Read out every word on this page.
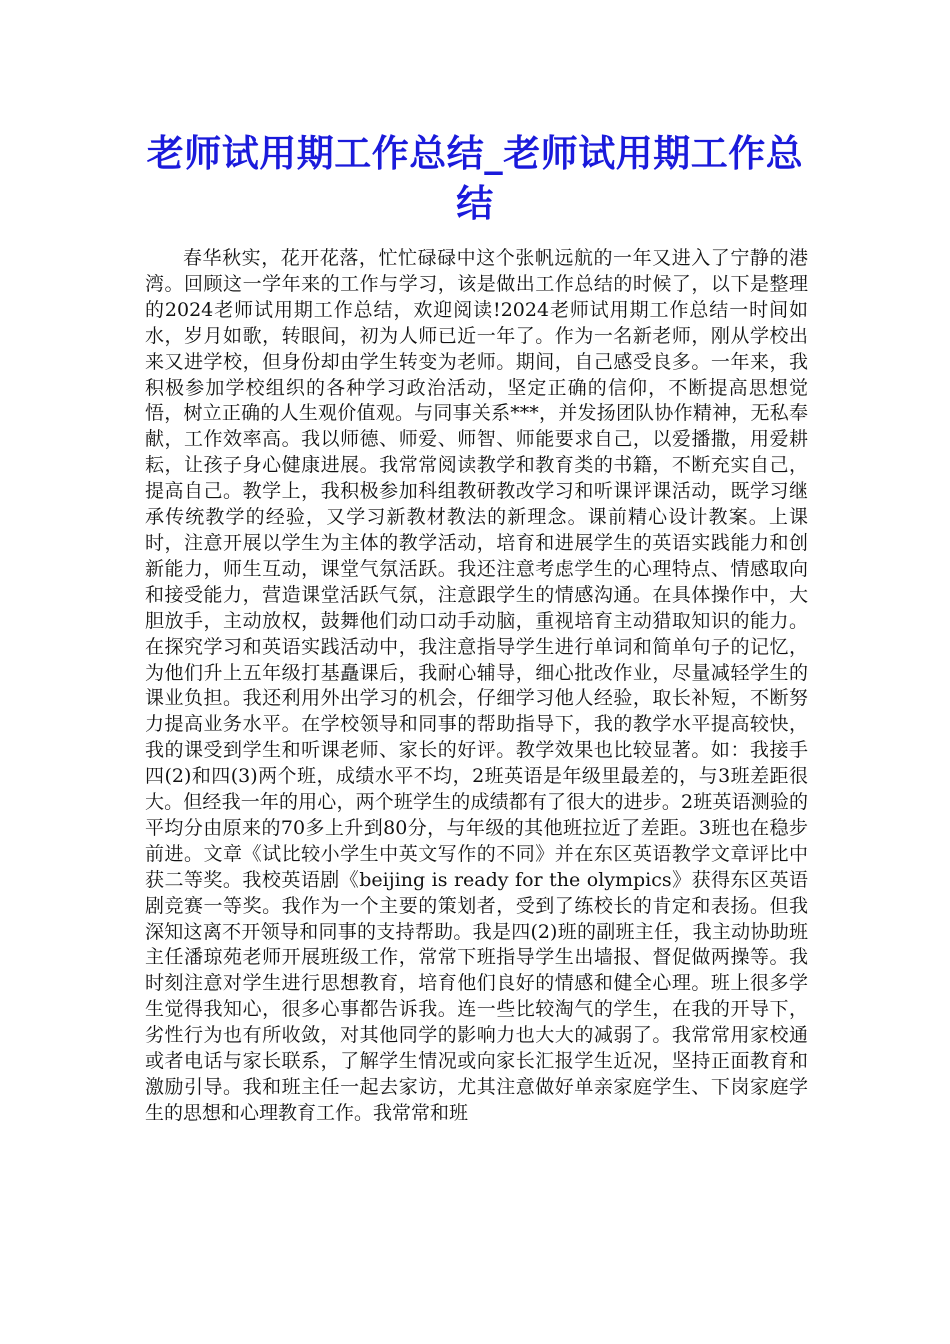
老师试用期工作总结_老师试用期工作总结

春华秋实，花开花落，忙忙碌碌中这个张帆远航的一年又进入了宁静的港湾。回顾这一学年来的工作与学习，该是做出工作总结的时候了，以下是整理的2024老师试用期工作总结，欢迎阅读!2024老师试用期工作总结一时间如水，岁月如歌，转眼间，初为人师已近一年了。作为一名新老师，刚从学校出来又进学校，但身份却由学生转变为老师。期间，自己感受良多。一年来，我积极参加学校组织的各种学习政治活动，坚定正确的信仰，不断提高思想觉悟，树立正确的人生观价值观。与同事关系***，并发扬团队协作精神，无私奉献，工作效率高。我以师德、师爱、师智、师能要求自己，以爱播撒，用爱耕耘，让孩子身心健康进展。我常常阅读教学和教育类的书籍，不断充实自己，提高自己。教学上，我积极参加科组教研教改学习和听课评课活动，既学习继承传统教学的经验，又学习新教材教法的新理念。课前精心设计教案。上课时，注意开展以学生为主体的教学活动，培育和进展学生的英语实践能力和创新能力，师生互动，课堂气氛活跃。我还注意考虑学生的心理特点、情感取向和接受能力，营造课堂活跃气氛，注意跟学生的情感沟通。在具体操作中，大胆放手，主动放权，鼓舞他们动口动手动脑，重视培育主动猎取知识的能力。在探究学习和英语实践活动中，我注意指导学生进行单词和简单句子的记忆，为他们升上五年级打基矗课后，我耐心辅导，细心批改作业，尽量减轻学生的课业负担。我还利用外出学习的机会，仔细学习他人经验，取长补短，不断努力提高业务水平。在学校领导和同事的帮助指导下，我的教学水平提高较快，我的课受到学生和听课老师、家长的好评。教学效果也比较显著。如：我接手四(2)和四(3)两个班，成绩水平不均，2班英语是年级里最差的，与3班差距很大。但经我一年的用心，两个班学生的成绩都有了很大的进步。2班英语测验的平均分由原来的70多上升到80分，与年级的其他班拉近了差距。3班也在稳步前进。文章《试比较小学生中英文写作的不同》并在东区英语教学文章评比中获二等奖。我校英语剧《beijing is ready for the olympics》获得东区英语剧竞赛一等奖。我作为一个主要的策划者，受到了练校长的肯定和表扬。但我深知这离不开领导和同事的支持帮助。我是四(2)班的副班主任，我主动协助班主任潘琼苑老师开展班级工作，常常下班指导学生出墙报、督促做两操等。我时刻注意对学生进行思想教育，培育他们良好的情感和健全心理。班上很多学生觉得我知心，很多心事都告诉我。连一些比较淘气的学生，在我的开导下，劣性行为也有所收敛，对其他同学的影响力也大大的减弱了。我常常用家校通或者电话与家长联系，了解学生情况或向家长汇报学生近况，坚持正面教育和激励引导。我和班主任一起去家访，尤其注意做好单亲家庭学生、下岗家庭学生的思想和心理教育工作。我常常和班
